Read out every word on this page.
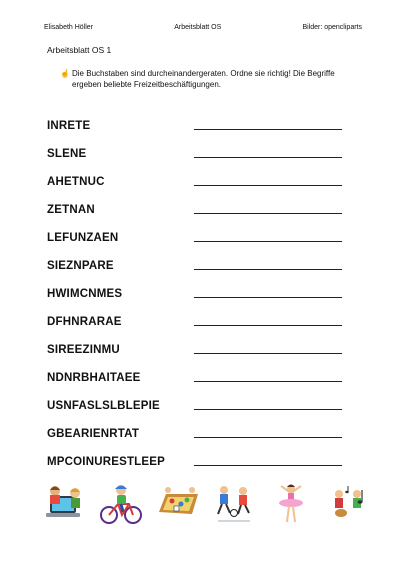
Elisabeth Höller	Arbeitsblatt OS	Bilder: opencliparts
Arbeitsblatt OS 1
☝ Die Buchstaben sind durcheinandergeraten. Ordne sie richtig! Die Begriffe ergeben beliebte Freizeitbeschäftigungen.
INRETE
SLENE
AHETNUC
ZETNAN
LEFUNZAEN
SIEZNPARE
HWIMCNMES
DFHNRARAE
SIREEZINMU
NDNRBHAITAEE
USNFASLSLBLEPIE
GBEARIENRTAT
MPCOINURESTLEEP
